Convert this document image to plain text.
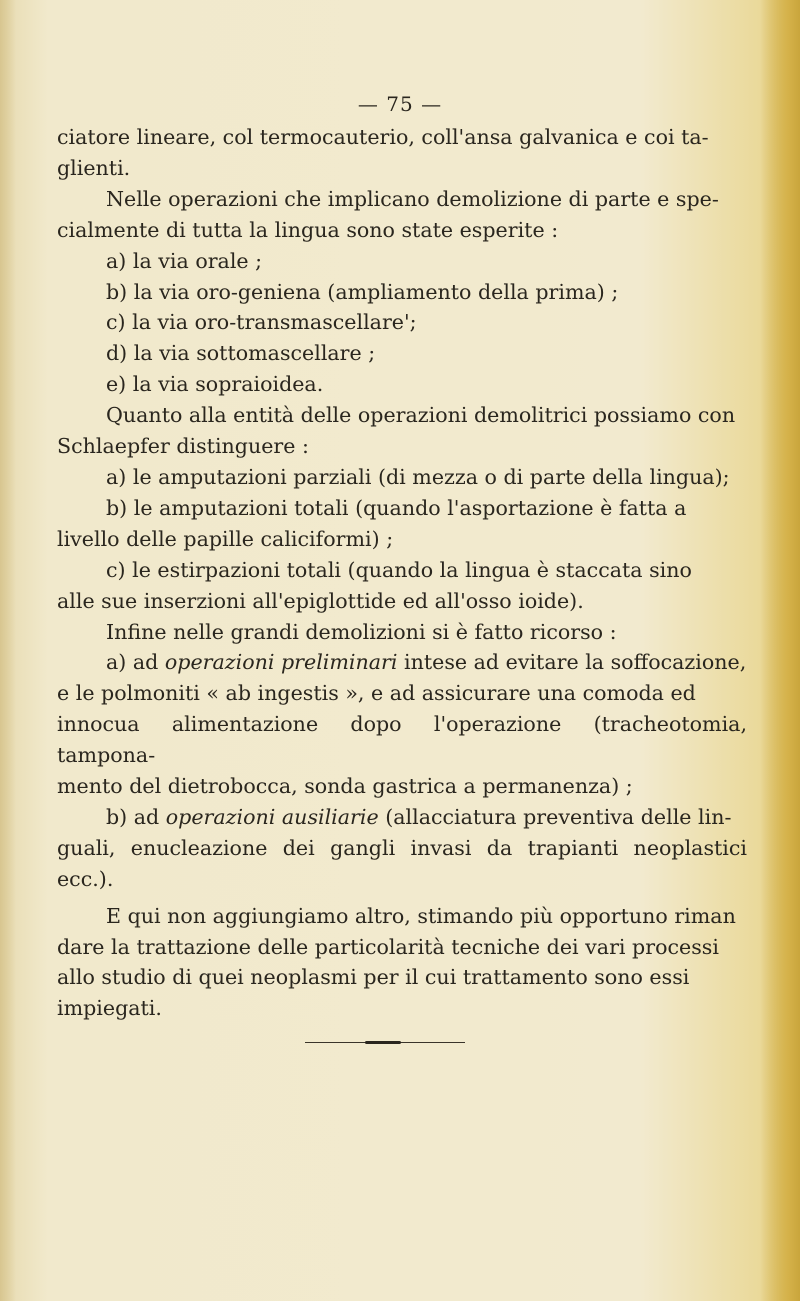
— 75 —
ciatore lineare, col termocauterio, coll'ansa galvanica e coi ta-
glienti.
Nelle operazioni che implicano demolizione di parte e spe-
cialmente di tutta la lingua sono state esperite :
a) la via orale ;
b) la via oro-geniena (ampliamento della prima) ;
c) la via oro-transmascellare';
d) la via sottomascellare ;
e) la via sopraioidea.
Quanto alla entità delle operazioni demolitrici possiamo con
Schlaepfer distinguere :
a) le amputazioni parziali (di mezza o di parte della lingua);
b) le amputazioni totali (quando l'asportazione è fatta a
livello delle papille caliciformi) ;
c) le estirpazioni totali (quando la lingua è staccata sino
alle sue inserzioni all'epiglottide ed all'osso ioide).
Infine nelle grandi demolizioni si è fatto ricorso :
a) ad operazioni preliminari intese ad evitare la soffocazione,
e le polmoniti « ab ingestis », e ad assicurare una comoda ed
innocua alimentazione dopo l'operazione (tracheotomia, tampona-
mento del dietrobocca, sonda gastrica a permanenza) ;
b) ad operazioni ausiliarie (allacciatura preventiva delle lin-
guali, enucleazione dei gangli invasi da trapianti neoplastici ecc.).
E qui non aggiungiamo altro, stimando più opportuno riman
dare la trattazione delle particolarità tecniche dei vari processi
allo studio di quei neoplasmi per il cui trattamento sono essi
impiegati.
